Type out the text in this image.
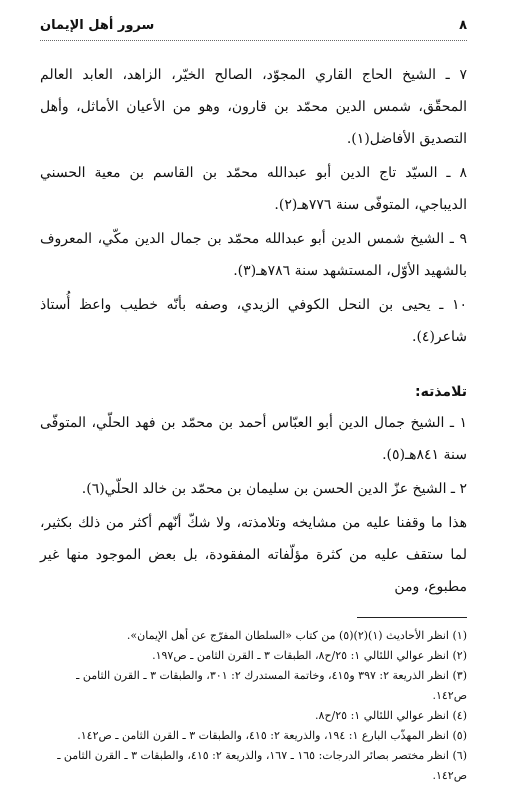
٨
سرور أهل الإيمان

٧ ـ الشيخ الحاج القاري المجوّد، الصالح الخيّر، الزاهد، العابد العالم المحقّق، شمس الدين محمّد بن قارون، وهو من الأعيان الأماثل، وأهل التصديق الأفاضل(١).

٨ ـ السيّد تاج الدين أبو عبدالله محمّد بن القاسم بن معية الحسني الديباجي، المتوفّى سنة ٧٧٦هـ(٢).

٩ ـ الشيخ شمس الدين أبو عبدالله محمّد بن جمال الدين مكّي، المعروف بالشهيد الأوّل، المستشهد سنة ٧٨٦هـ(٣).

١٠ ـ يحيى بن النحل الكوفي الزيدي، وصفه بأنّه خطيب واعظ أُستاذ شاعر(٤).

تلامذته:

١ ـ الشيخ جمال الدين أبو العبّاس أحمد بن محمّد بن فهد الحلّي، المتوفّى سنة ٨٤١هـ(٥).

٢ ـ الشيخ عزّ الدين الحسن بن سليمان بن محمّد بن خالد الحلّي(٦).

هذا ما وقفنا عليه من مشايخه وتلامذته، ولا شكّ أنّهم أكثر من ذلك بكثير، لما ستقف عليه من كثرة مؤلّفاته المفقودة، بل بعض الموجود منها غير مطبوع، ومن

(١) انظر الأحاديث (١)(٢)(٥) من كتاب «السلطان المفرّج عن أهل الإيمان».

(٢) انظر عوالي اللئالي ١: ٢٥/ح٨، الطبقات ٣ ـ القرن الثامن ـ ص١٩٧.

(٣) انظر الذريعة ٢: ٣٩٧ و٤١٥، وخاتمة المستدرك ٢: ٣٠١، والطبقات ٣ ـ القرن الثامن ـ ص١٤٢.

(٤) انظر عوالي اللئالي ١: ٢٥/ح٨.

(٥) انظر المهذّب البارع ١: ١٩٤، والذريعة ٢: ٤١٥، والطبقات ٣ ـ القرن الثامن ـ ص١٤٢.

(٦) انظر مختصر بصائر الدرجات: ١٦٥ ـ ١٦٧، والذريعة ٢: ٤١٥، والطبقات ٣ ـ القرن الثامن ـ ص١٤٢.
